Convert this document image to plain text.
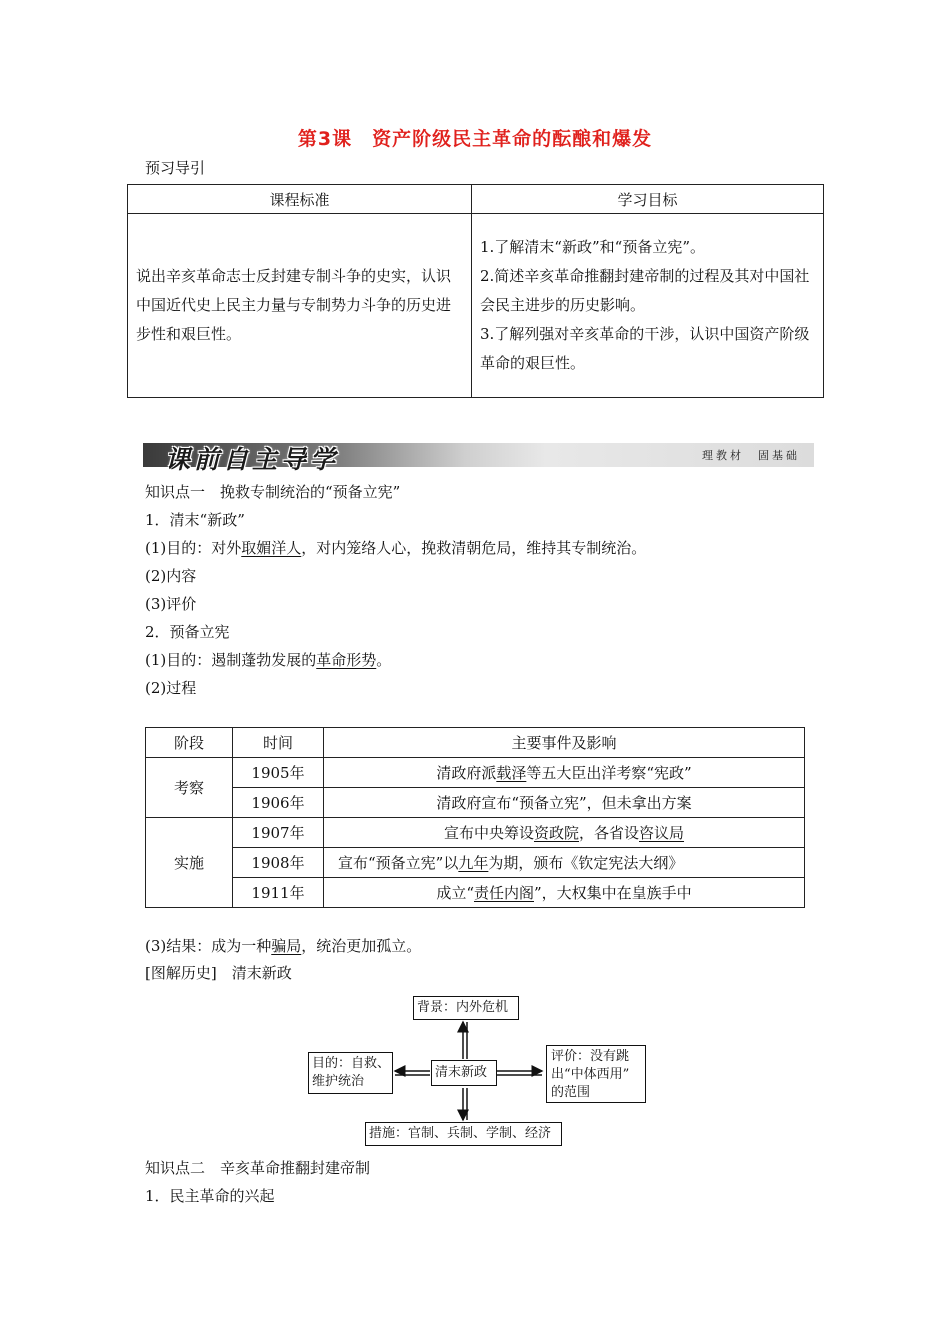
第3课　资产阶级民主革命的酝酿和爆发
预习导引
课程标准	学习目标
说出辛亥革命志士反封建专制斗争的史实，认识中国近代史上民主力量与专制势力斗争的历史进步性和艰巨性。	1.了解清末“新政”和“预备立宪”。
2.简述辛亥革命推翻封建帝制的过程及其对中国社会民主进步的历史影响。
3.了解列强对辛亥革命的干涉，认识中国资产阶级革命的艰巨性。
课前自主导学	理教材　固基础
知识点一　挽救专制统治的“预备立宪”
1．清末“新政”
(1)目的：对外取媚洋人，对内笼络人心，挽救清朝危局，维持其专制统治。
(2)内容
(3)评价
2．预备立宪
(1)目的：遏制蓬勃发展的革命形势。
(2)过程
阶段	时间	主要事件及影响
考察	1905年	清政府派载泽等五大臣出洋考察“宪政”
	1906年	清政府宣布“预备立宪”，但未拿出方案
实施	1907年	宣布中央筹设资政院，各省设咨议局
	1908年	宣布“预备立宪”以九年为期，颁布《钦定宪法大纲》
	1911年	成立“责任内阁”，大权集中在皇族手中
(3)结果：成为一种骗局，统治更加孤立。
[图解历史]　清末新政
背景：内外危机
目的：自救、
维护统治
清末新政
评价：没有跳
出“中体西用”
的范围
措施：官制、兵制、学制、经济
知识点二　辛亥革命推翻封建帝制
1．民主革命的兴起
